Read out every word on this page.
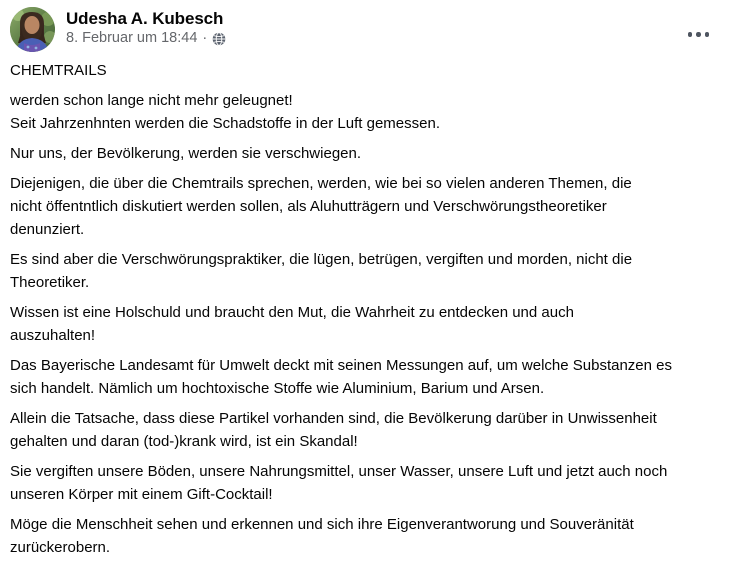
Udesha A. Kubesch
8. Februar um 18:44 ·

CHEMTRAILS

werden schon lange nicht mehr geleugnet!
Seit Jahrzenhnten werden die Schadstoffe in der Luft gemessen.

Nur uns, der Bevölkerung, werden sie verschwiegen.

Diejenigen, die über die Chemtrails sprechen, werden, wie bei so vielen anderen Themen, die
nicht öffentntlich diskutiert werden sollen, als Aluhutträgern und Verschwörungstheoretiker
denunziert.

Es sind aber die Verschwörungspraktiker, die lügen, betrügen, vergiften und morden, nicht die
Theoretiker.

Wissen ist eine Holschuld und braucht den Mut, die Wahrheit zu entdecken und auch
auszuhalten!

Das Bayerische Landesamt für Umwelt deckt mit seinen Messungen auf, um welche Substanzen es
sich handelt. Nämlich um hochtoxische Stoffe wie Aluminium, Barium und Arsen.

Allein die Tatsache, dass diese Partikel vorhanden sind, die Bevölkerung darüber in Unwissenheit
gehalten und daran (tod-)krank wird, ist ein Skandal!

Sie vergiften unsere Böden, unsere Nahrungsmittel, unser Wasser, unsere Luft und jetzt auch noch
unseren Körper mit einem Gift-Cocktail!

Möge die Menschheit sehen und erkennen und sich ihre Eigenverantworung und Souveränität
zurückerobern.
